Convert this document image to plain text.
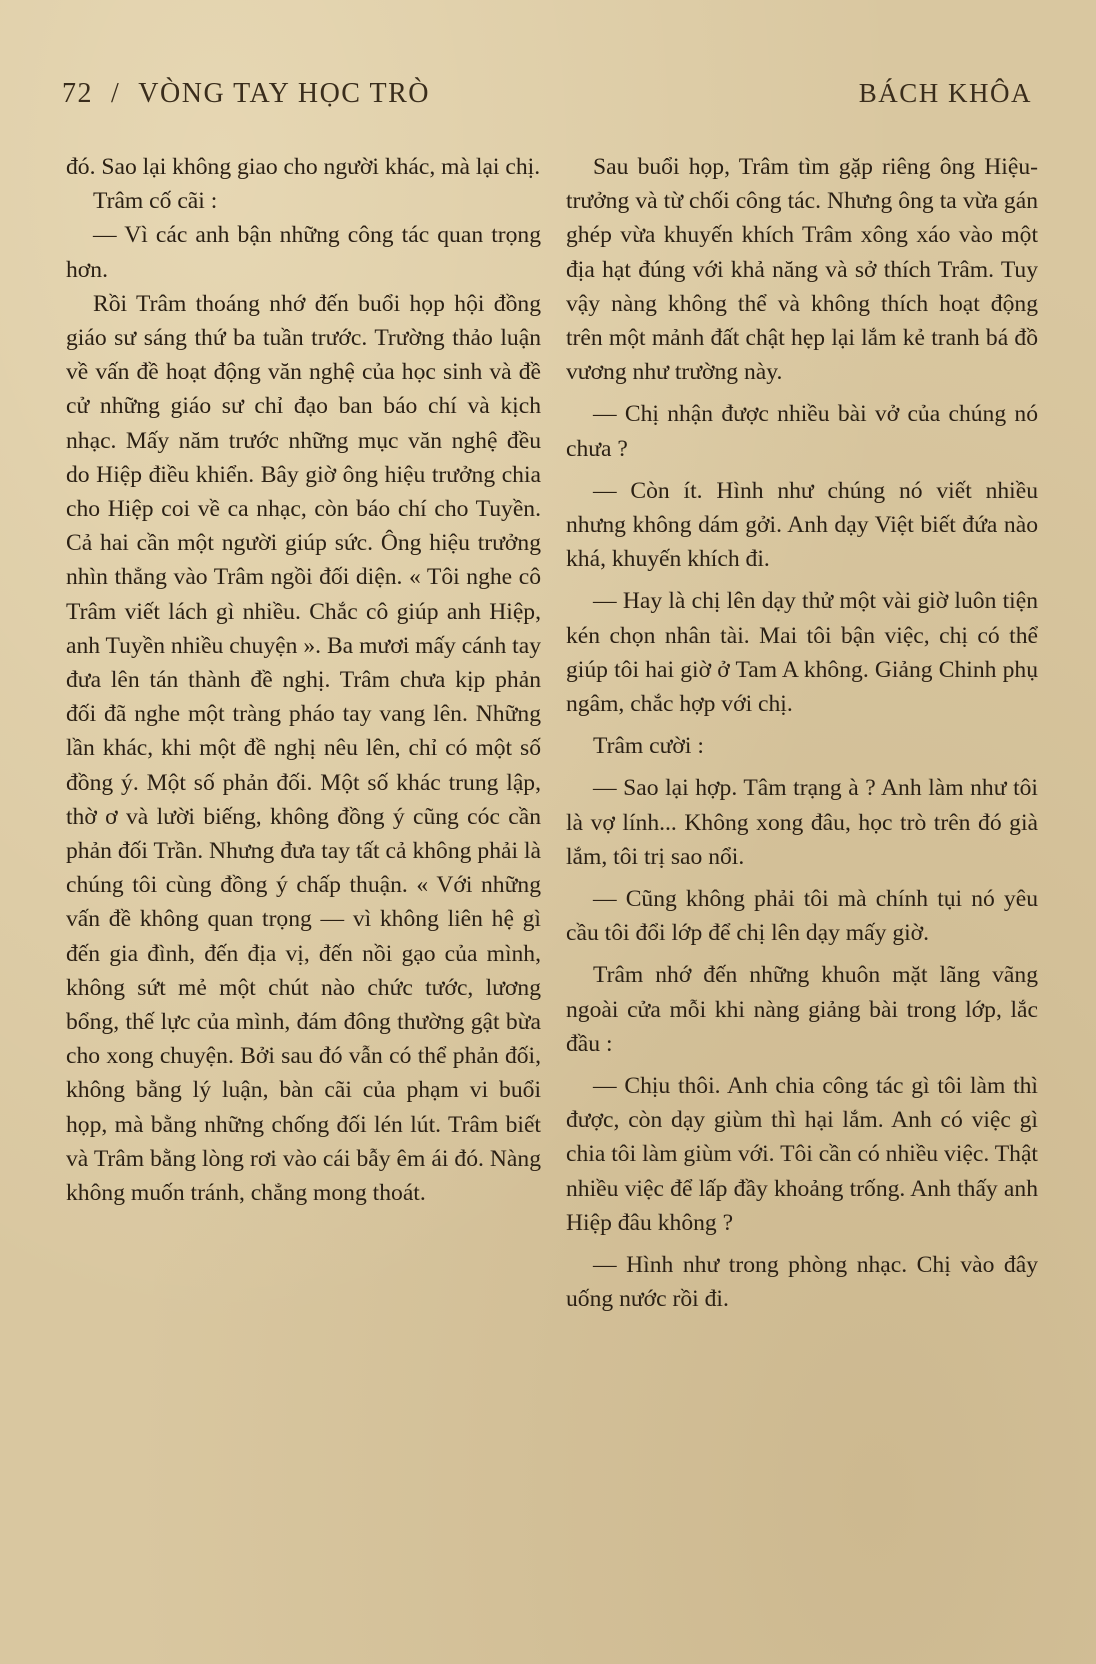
72 / VÒNG TAY HỌC TRÒ	BÁCH KHÔA

đó. Sao lại không giao cho người khác, mà lại chị.

Trâm cố cãi :

— Vì các anh bận những công tác quan trọng hơn.

Rồi Trâm thoáng nhớ đến buổi họp hội đồng giáo sư sáng thứ ba tuần trước. Trường thảo luận về vấn đề hoạt động văn nghệ của học sinh và đề cử những giáo sư chỉ đạo ban báo chí và kịch nhạc. Mấy năm trước những mục văn nghệ đều do Hiệp điều khiển. Bây giờ ông hiệu trưởng chia cho Hiệp coi về ca nhạc, còn báo chí cho Tuyền. Cả hai cần một người giúp sức. Ông hiệu trưởng nhìn thẳng vào Trâm ngồi đối diện. « Tôi nghe cô Trâm viết lách gì nhiều. Chắc cô giúp anh Hiệp, anh Tuyền nhiều chuyện ». Ba mươi mấy cánh tay đưa lên tán thành đề nghị. Trâm chưa kịp phản đối đã nghe một tràng pháo tay vang lên. Những lần khác, khi một đề nghị nêu lên, chỉ có một số đồng ý. Một số phản đối. Một số khác trung lập, thờ ơ và lười biếng, không đồng ý cũng cóc cần phản đối Trần. Nhưng đưa tay tất cả không phải là chúng tôi cùng đồng ý chấp thuận. « Với những vấn đề không quan trọng — vì không liên hệ gì đến gia đình, đến địa vị, đến nồi gạo của mình, không sứt mẻ một chút nào chức tước, lương bổng, thế lực của mình, đám đông thường gật bừa cho xong chuyện. Bởi sau đó vẫn có thể phản đối, không bằng lý luận, bàn cãi của phạm vi buổi họp, mà bằng những chống đối lén lút. Trâm biết và Trâm bằng lòng rơi vào cái bẫy êm ái đó. Nàng không muốn tránh, chẳng mong thoát.

Sau buổi họp, Trâm tìm gặp riêng ông Hiệu-trưởng và từ chối công tác. Nhưng ông ta vừa gán ghép vừa khuyến khích Trâm xông xáo vào một địa hạt đúng với khả năng và sở thích Trâm. Tuy vậy nàng không thể và không thích hoạt động trên một mảnh đất chật hẹp lại lắm kẻ tranh bá đồ vương như trường này.

— Chị nhận được nhiều bài vở của chúng nó chưa ?

— Còn ít. Hình như chúng nó viết nhiều nhưng không dám gởi. Anh dạy Việt biết đứa nào khá, khuyến khích đi.

— Hay là chị lên dạy thử một vài giờ luôn tiện kén chọn nhân tài. Mai tôi bận việc, chị có thể giúp tôi hai giờ ở Tam A không. Giảng Chinh phụ ngâm, chắc hợp với chị.

Trâm cười :

— Sao lại hợp. Tâm trạng à ? Anh làm như tôi là vợ lính... Không xong đâu, học trò trên đó già lắm, tôi trị sao nổi.

— Cũng không phải tôi mà chính tụi nó yêu cầu tôi đổi lớp để chị lên dạy mấy giờ.

Trâm nhớ đến những khuôn mặt lãng vãng ngoài cửa mỗi khi nàng giảng bài trong lớp, lắc đầu :

— Chịu thôi. Anh chia công tác gì tôi làm thì được, còn dạy giùm thì hại lắm. Anh có việc gì chia tôi làm giùm với. Tôi cần có nhiều việc. Thật nhiều việc để lấp đầy khoảng trống. Anh thấy anh Hiệp đâu không ?

— Hình như trong phòng nhạc. Chị vào đây uống nước rồi đi.
